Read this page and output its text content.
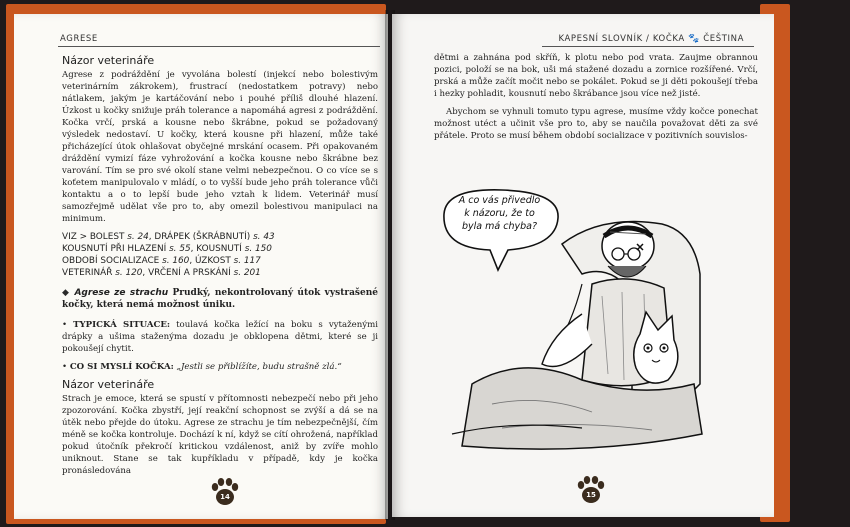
AGRESE
Názor veterináře

Agrese z podráždění je vyvolána bolestí (injekcí nebo bolestivým veterinárním zákrokem), frustrací (nedostatkem potravy) nebo nátlakem, jakým je kartáčování nebo i pouhé příliš dlouhé hlazení. Úzkost u kočky snižuje práh tolerance a napomáhá agresi z podráždění. Kočka vrčí, prská a kousne nebo škrábne, pokud se požadovaný výsledek nedostaví. U kočky, která kousne při hlazení, může také přicházející útok ohlašovat obyčejné mrskání ocasem. Při opakovaném dráždění vymizí fáze vyhrožování a kočka kousne nebo škrábne bez varování. Tím se pro své okolí stane velmi nebezpečnou. O co více se s koťetem manipulovalo v mládí, o to vyšší bude jeho práh tolerance vůči kontaktu a o to lepší bude jeho vztah k lidem. Veterinář musí samozřejmě udělat vše pro to, aby omezil bolestivou manipulaci na minimum.

VIZ > BOLEST s. 24, DRÁPEK (ŠKRÁBNUTÍ) s. 43
KOUSNUTÍ PŘI HLAZENÍ s. 55, KOUSNUTÍ s. 150
OBDOBÍ SOCIALIZACE s. 160, ÚZKOST s. 117
VETERINÁŘ s. 120, VRČENÍ A PRSKÁNÍ s. 201
◆ Agrese ze strachu Prudký, nekontrolovaný útok vystrašené kočky, která nemá možnost úniku.

• TYPICKÁ SITUACE: toulavá kočka ležící na boku s vytaženými drápky a ušima staženýma dozadu je obklopena dětmi, které se ji pokoušejí chytit.

• CO SI MYSLÍ KOČKA: „Jestli se přiblížíte, budu strašně zlá.“

Názor veterináře

Strach je emoce, která se spustí v přítomnosti nebezpečí nebo při jeho zpozorování. Kočka zbystří, její reakční schopnost se zvýší a dá se na útěk nebo přejde do útoku. Agrese ze strachu je tím nebezpečnější, čím méně se kočka kontroluje. Dochází k ní, když se cítí ohrožená, například pokud útočník překročí kritickou vzdálenost, aniž by zvíře mohlo uniknout. Stane se tak kupříkladu v případě, kdy je kočka pronásledována

14
KAPESNÍ SLOVNÍK / KOČKA 🐾 ČEŠTINA

dětmi a zahnána pod skříň, k plotu nebo pod vrata. Zaujme obrannou pozici, položí se na bok, uši má stažené dozadu a zornice rozšířené. Vrčí, prská a může začít močit nebo se pokálet. Pokud se ji děti pokoušejí třeba i hezky pohladit, kousnutí nebo škrábance jsou více než jisté.

Abychom se vyhnuli tomuto typu agrese, musíme vždy kočce ponechat možnost utéct a učinit vše pro to, aby se naučila považovat děti za své přátele. Proto se musí během období socializace v pozitivních souvislos-

A co vás přivedlo
k názoru, že to
byla má chyba?
15
